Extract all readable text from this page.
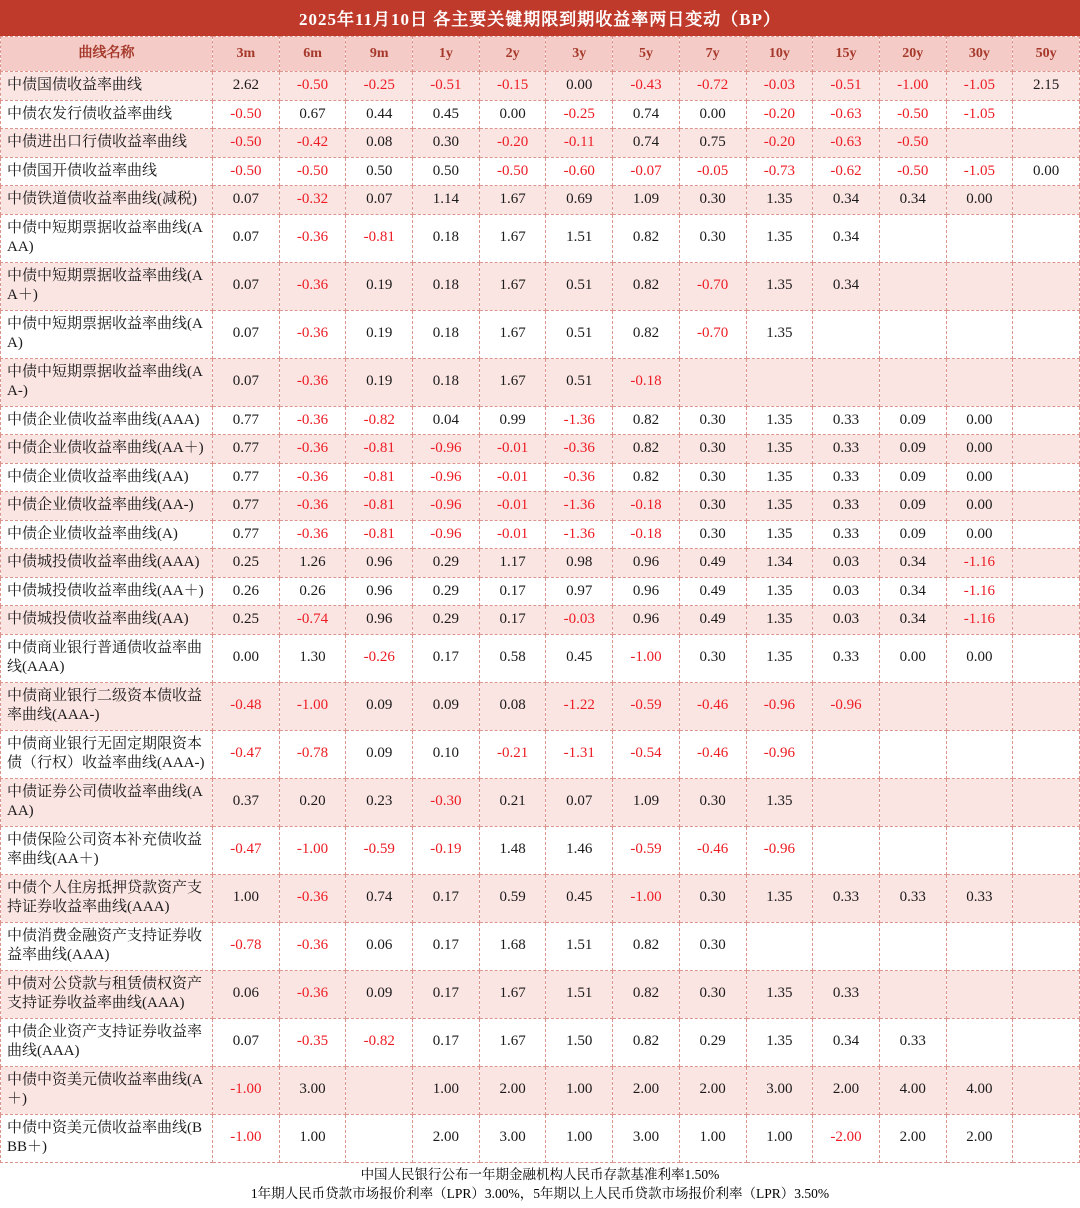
2025年11月10日 各主要关键期限到期收益率两日变动（BP）
曲线名称	3m	6m	9m	1y	2y	3y	5y	7y	10y	15y	20y	30y	50y
中债国债收益率曲线	2.62	-0.50	-0.25	-0.51	-0.15	0.00	-0.43	-0.72	-0.03	-0.51	-1.00	-1.05	2.15
中债农发行债收益率曲线	-0.50	0.67	0.44	0.45	0.00	-0.25	0.74	0.00	-0.20	-0.63	-0.50	-1.05	
中债进出口行债收益率曲线	-0.50	-0.42	0.08	0.30	-0.20	-0.11	0.74	0.75	-0.20	-0.63	-0.50		
中债国开债收益率曲线	-0.50	-0.50	0.50	0.50	-0.50	-0.60	-0.07	-0.05	-0.73	-0.62	-0.50	-1.05	0.00
中债铁道债收益率曲线(减税)	0.07	-0.32	0.07	1.14	1.67	0.69	1.09	0.30	1.35	0.34	0.34	0.00	
中债中短期票据收益率曲线(AAA)	0.07	-0.36	-0.81	0.18	1.67	1.51	0.82	0.30	1.35	0.34			
中债中短期票据收益率曲线(AA＋)	0.07	-0.36	0.19	0.18	1.67	0.51	0.82	-0.70	1.35	0.34			
中债中短期票据收益率曲线(AA)	0.07	-0.36	0.19	0.18	1.67	0.51	0.82	-0.70	1.35				
中债中短期票据收益率曲线(AA-)	0.07	-0.36	0.19	0.18	1.67	0.51	-0.18						
中债企业债收益率曲线(AAA)	0.77	-0.36	-0.82	0.04	0.99	-1.36	0.82	0.30	1.35	0.33	0.09	0.00	
中债企业债收益率曲线(AA＋)	0.77	-0.36	-0.81	-0.96	-0.01	-0.36	0.82	0.30	1.35	0.33	0.09	0.00	
中债企业债收益率曲线(AA)	0.77	-0.36	-0.81	-0.96	-0.01	-0.36	0.82	0.30	1.35	0.33	0.09	0.00	
中债企业债收益率曲线(AA-)	0.77	-0.36	-0.81	-0.96	-0.01	-1.36	-0.18	0.30	1.35	0.33	0.09	0.00	
中债企业债收益率曲线(A)	0.77	-0.36	-0.81	-0.96	-0.01	-1.36	-0.18	0.30	1.35	0.33	0.09	0.00	
中债城投债收益率曲线(AAA)	0.25	1.26	0.96	0.29	1.17	0.98	0.96	0.49	1.34	0.03	0.34	-1.16	
中债城投债收益率曲线(AA＋)	0.26	0.26	0.96	0.29	0.17	0.97	0.96	0.49	1.35	0.03	0.34	-1.16	
中债城投债收益率曲线(AA)	0.25	-0.74	0.96	0.29	0.17	-0.03	0.96	0.49	1.35	0.03	0.34	-1.16	
中债商业银行普通债收益率曲线(AAA)	0.00	1.30	-0.26	0.17	0.58	0.45	-1.00	0.30	1.35	0.33	0.00	0.00	
中债商业银行二级资本债收益率曲线(AAA-)	-0.48	-1.00	0.09	0.09	0.08	-1.22	-0.59	-0.46	-0.96	-0.96			
中债商业银行无固定期限资本债（行权）收益率曲线(AAA-)	-0.47	-0.78	0.09	0.10	-0.21	-1.31	-0.54	-0.46	-0.96				
中债证券公司债收益率曲线(AAA)	0.37	0.20	0.23	-0.30	0.21	0.07	1.09	0.30	1.35				
中债保险公司资本补充债收益率曲线(AA＋)	-0.47	-1.00	-0.59	-0.19	1.48	1.46	-0.59	-0.46	-0.96				
中债个人住房抵押贷款资产支持证券收益率曲线(AAA)	1.00	-0.36	0.74	0.17	0.59	0.45	-1.00	0.30	1.35	0.33	0.33	0.33	
中债消费金融资产支持证券收益率曲线(AAA)	-0.78	-0.36	0.06	0.17	1.68	1.51	0.82	0.30					
中债对公贷款与租赁债权资产支持证券收益率曲线(AAA)	0.06	-0.36	0.09	0.17	1.67	1.51	0.82	0.30	1.35	0.33			
中债企业资产支持证券收益率曲线(AAA)	0.07	-0.35	-0.82	0.17	1.67	1.50	0.82	0.29	1.35	0.34	0.33		
中债中资美元债收益率曲线(A＋)	-1.00	3.00		1.00	2.00	1.00	2.00	2.00	3.00	2.00	4.00	4.00	
中债中资美元债收益率曲线(BBB＋)	-1.00	1.00		2.00	3.00	1.00	3.00	1.00	1.00	-2.00	2.00	2.00	
中国人民银行公布一年期金融机构人民币存款基准利率1.50%
1年期人民币贷款市场报价利率（LPR）3.00%，5年期以上人民币贷款市场报价利率（LPR）3.50%
